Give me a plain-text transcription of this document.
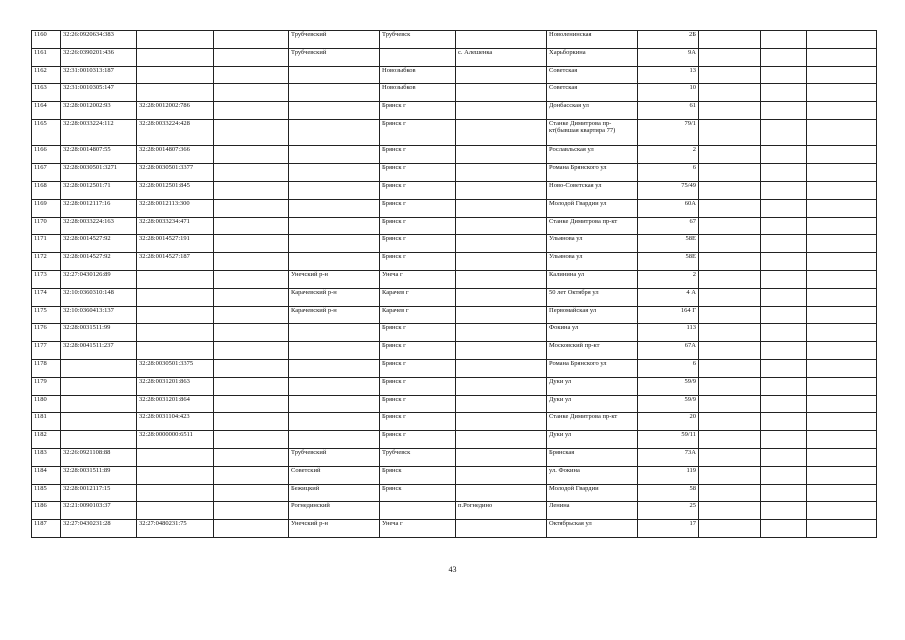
1160	32:26:0920634:383			Трубчевский	Трубчевск		Новоленинская	2Б			
1161	32:26:0390201:436			Трубчевский		с. Алешенка	Харьборкина	9А			
1162	32:31:0010313:187				Новозыбков		Советская	13			
1163	32:31:0010305:147				Новозыбков		Советская	10			
1164	32:28:0012002:93	32:28:0012002:786			Брянск г		Донбасская ул	61			
1165	32:28:0033224:112	32:28:0033224:428			Брянск г		Станке Димитрова пр-кт(бывшая квартира 77)	79/1			
1166	32:28:0014807:55	32:28:0014807:366			Брянск г		Рославльская ул	2			
1167	32:28:0030501:3271	32:28:0030501:3377			Брянск г		Романа Брянского ул	6			
1168	32:28:0012501:71	32:28:0012501:845			Брянск г		Ново-Советская ул	75/49			
1169	32:28:0012117:16	32:28:0012113:300			Брянск г		Молодой Гвардии ул	60А			
1170	32:28:0033224:163	32:28:0033234:471			Брянск г		Станке Димитрова пр-кт	67			
1171	32:28:0014527:92	32:28:0014527:191			Брянск г		Ульянова ул	58Е			
1172	32:28:0014527:92	32:28:0014527:187			Брянск г		Ульянова ул	58Е			
1173	32:27:0430126:89			Унечский р-н	Унеча г		Калинина ул	2			
1174	32:10:0360310:148			Карачевский р-н	Карачев г		50 лет Октября ул	4 А			
1175	32:10:0360413:137			Карачевский р-н	Карачев г		Первомайская ул	164 Г			
1176	32:28:0031511:99				Брянск г		Фокина ул	113			
1177	32:28:0041511:237				Брянск г		Московский пр-кт	67А			
1178		32:28:0030501:3375			Брянск г		Романа Брянского ул	6			
1179		32:28:0031201:863			Брянск г		Дуки ул	59/9			
1180		32:28:0031201:864			Брянск г		Дуки ул	59/9			
1181		32:28:0031104:423			Брянск г		Станке Димитрова пр-кт	20			
1182		32:28:0000000:6511			Брянск г		Дуки ул	59/11			
1183	32:26:0921108:88			Трубчевский	Трубчевск		Брянская	73А			
1184	32:28:0031511:89			Советский	Брянск		ул. Фокина	119			
1185	32:28:0012117:15			Бежицкий	Брянск		Молодой Гвардии	58			
1186	32:21:0090103:37			Рогнединский		п.Рогнедино	Ленина	25			
1187	32:27:0430231:28	32:27:0480231:75		Унечский р-н	Унеча г		Октябрьская ул	17			
43
